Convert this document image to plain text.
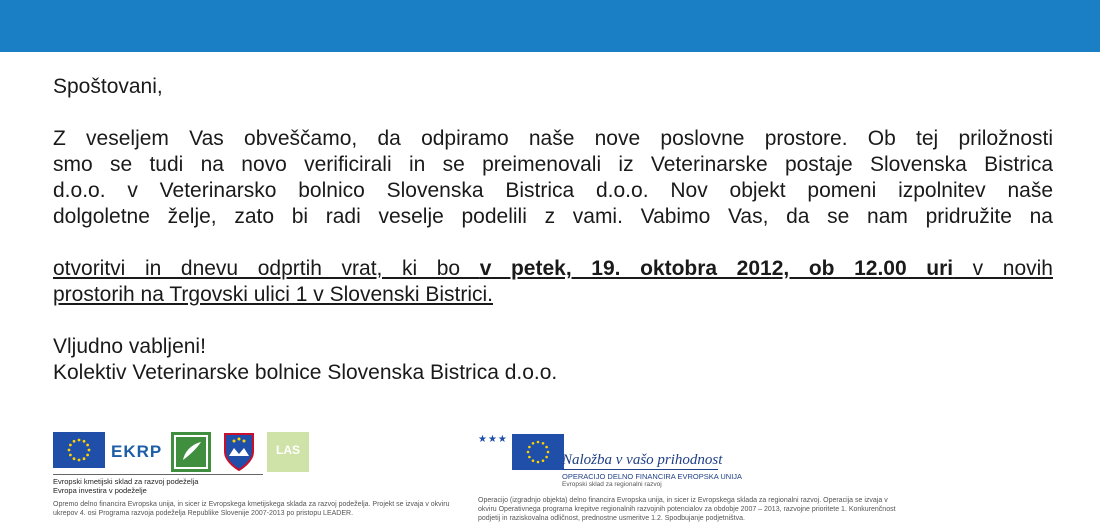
Spoštovani,

Z veseljem Vas obveščamo, da odpiramo naše nove poslovne prostore. Ob tej priložnosti

smo se tudi na novo verificirali in se preimenovali iz Veterinarske postaje Slovenska Bistrica

d.o.o. v Veterinarsko bolnico Slovenska Bistrica d.o.o. Nov objekt pomeni izpolnitev naše

dolgoletne želje, zato bi radi veselje podelili z vami. Vabimo Vas, da se nam pridružite na

otvoritvi in dnevu odprtih vrat, ki bo v petek, 19. oktobra 2012, ob 12.00 uri v novih

prostorih na Trgovski ulici 1 v Slovenski Bistrici.

Vljudno vabljeni!

Kolektiv Veterinarske bolnice Slovenska Bistrica d.o.o.

EKRP	LAS
Evropski kmetijski sklad za razvoj podeželja
Evropa investira v podeželje
Opremo delno financira Evropska unija, in sicer iz Evropskega kmetijskega sklada za razvoj podeželja. Projekt se izvaja v okviru ukrepov 4. osi Programa razvoja podeželja Republike Slovenije 2007-2013 po pristopu LEADER.
★★★
Naložba v vašo prihodnost
OPERACIJO DELNO FINANCIRA EVROPSKA UNIJA
Evropski sklad za regionalni razvoj
Operacijo (izgradnjo objekta) delno financira Evropska unija, in sicer iz Evropskega sklada za regionalni razvoj. Operacija se izvaja v okviru Operativnega programa krepitve regionalnih razvojnih potencialov za obdobje 2007 – 2013, razvojne prioritete 1. Konkurenčnost podjetij in raziskovalna odličnost, prednostne usmeritve 1.2. Spodbujanje podjetništva.
